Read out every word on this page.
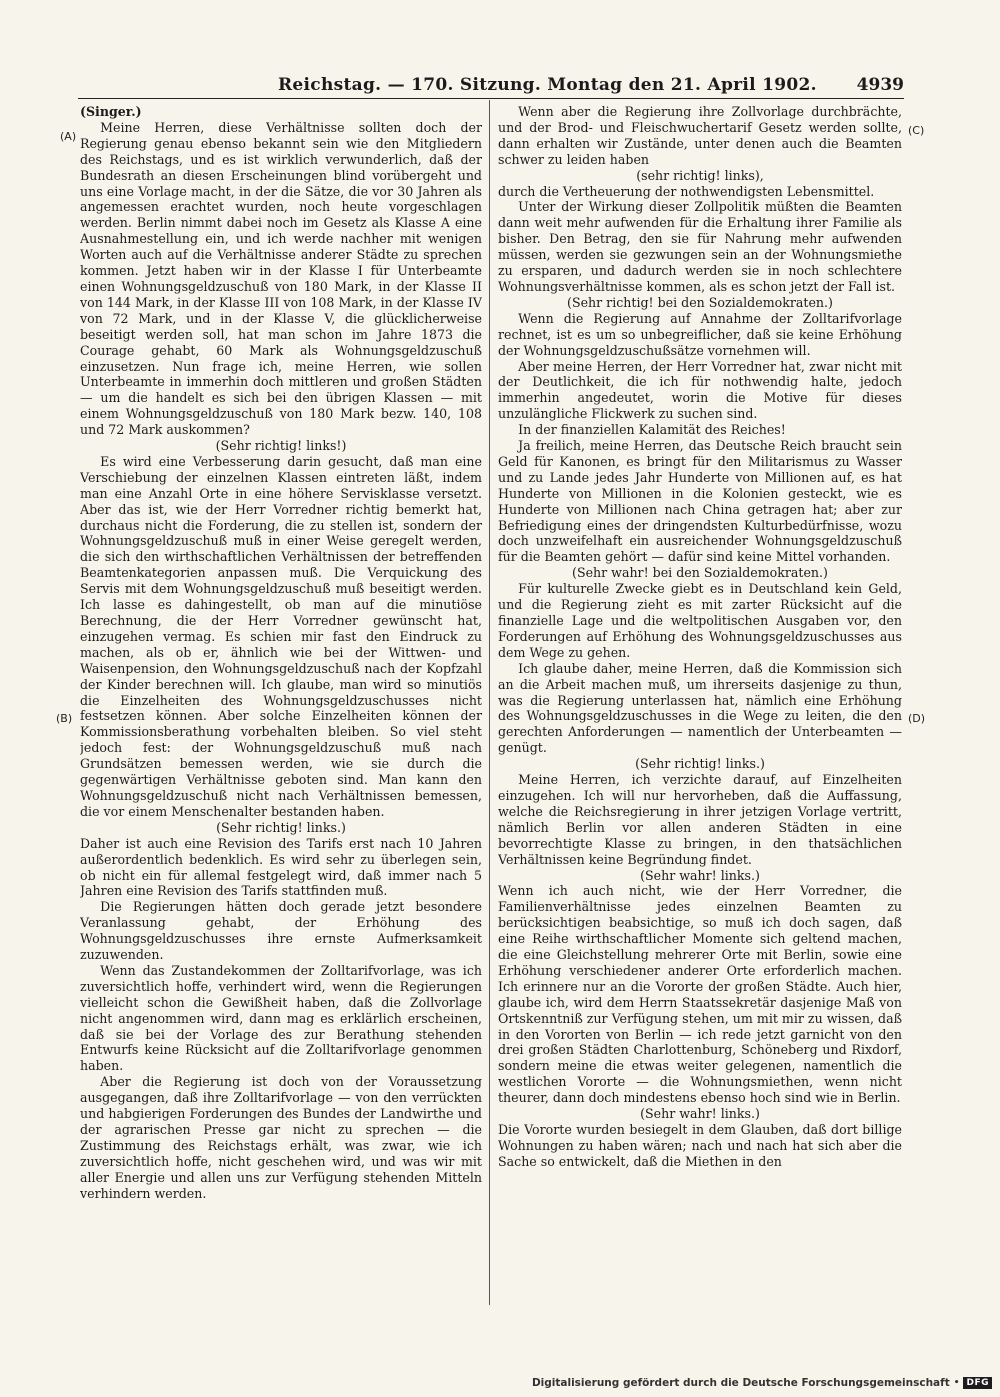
Reichstag. — 170. Sitzung. Montag den 21. April 1902. 4939
(A)
(B)
(C)
(D)

(Singer.)

Meine Herren, diese Verhältnisse sollten doch der Regierung genau ebenso bekannt sein wie den Mitgliedern des Reichstags, und es ist wirklich verwunderlich, daß der Bundesrath an diesen Erscheinungen blind vorübergeht und uns eine Vorlage macht, in der die Sätze, die vor 30 Jahren als angemessen erachtet wurden, noch heute vorgeschlagen werden. Berlin nimmt dabei noch im Gesetz als Klasse A eine Ausnahmestellung ein, und ich werde nachher mit wenigen Worten auch auf die Verhältnisse anderer Städte zu sprechen kommen. Jetzt haben wir in der Klasse I für Unterbeamte einen Wohnungsgeldzuschuß von 180 Mark, in der Klasse II von 144 Mark, in der Klasse III von 108 Mark, in der Klasse IV von 72 Mark, und in der Klasse V, die glücklicherweise beseitigt werden soll, hat man schon im Jahre 1873 die Courage gehabt, 60 Mark als Wohnungsgeldzuschuß einzusetzen. Nun frage ich, meine Herren, wie sollen Unterbeamte in immerhin doch mittleren und großen Städten — um die handelt es sich bei den übrigen Klassen — mit einem Wohnungsgeldzuschuß von 180 Mark bezw. 140, 108 und 72 Mark auskommen?

(Sehr richtig! links!)

Es wird eine Verbesserung darin gesucht, daß man eine Verschiebung der einzelnen Klassen eintreten läßt, indem man eine Anzahl Orte in eine höhere Servisklasse versetzt. Aber das ist, wie der Herr Vorredner richtig bemerkt hat, durchaus nicht die Forderung, die zu stellen ist, sondern der Wohnungsgeldzuschuß muß in einer Weise geregelt werden, die sich den wirthschaftlichen Verhältnissen der betreffenden Beamtenkategorien anpassen muß. Die Verquickung des Servis mit dem Wohnungsgeldzuschuß muß beseitigt werden. Ich lasse es dahingestellt, ob man auf die minutiöse Berechnung, die der Herr Vorredner gewünscht hat, einzugehen vermag. Es schien mir fast den Eindruck zu machen, als ob er, ähnlich wie bei der Wittwen- und Waisenpension, den Wohnungsgeldzuschuß nach der Kopfzahl der Kinder berechnen will. Ich glaube, man wird so minutiös die Einzelheiten des Wohnungsgeldzuschusses nicht festsetzen können. Aber solche Einzelheiten können der Kommissionsberathung vorbehalten bleiben. So viel steht jedoch fest: der Wohnungsgeldzuschuß muß nach Grundsätzen bemessen werden, wie sie durch die gegenwärtigen Verhältnisse geboten sind. Man kann den Wohnungsgeldzuschuß nicht nach Verhältnissen bemessen, die vor einem Menschenalter bestanden haben.

(Sehr richtig! links.)

Daher ist auch eine Revision des Tarifs erst nach 10 Jahren außerordentlich bedenklich. Es wird sehr zu überlegen sein, ob nicht ein für allemal festgelegt wird, daß immer nach 5 Jahren eine Revision des Tarifs stattfinden muß.

Die Regierungen hätten doch gerade jetzt besondere Veranlassung gehabt, der Erhöhung des Wohnungsgeldzuschusses ihre ernste Aufmerksamkeit zuzuwenden.

Wenn das Zustandekommen der Zolltarifvorlage, was ich zuversichtlich hoffe, verhindert wird, wenn die Regierungen vielleicht schon die Gewißheit haben, daß die Zollvorlage nicht angenommen wird, dann mag es erklärlich erscheinen, daß sie bei der Vorlage des zur Berathung stehenden Entwurfs keine Rücksicht auf die Zolltarifvorlage genommen haben.

Aber die Regierung ist doch von der Voraussetzung ausgegangen, daß ihre Zolltarifvorlage — von den verrückten und habgierigen Forderungen des Bundes der Landwirthe und der agrarischen Presse gar nicht zu sprechen — die Zustimmung des Reichstags erhält, was zwar, wie ich zuversichtlich hoffe, nicht geschehen wird, und was wir mit aller Energie und allen uns zur Verfügung stehenden Mitteln verhindern werden.

Wenn aber die Regierung ihre Zollvorlage durchbrächte, und der Brod- und Fleischwuchertarif Gesetz werden sollte, dann erhalten wir Zustände, unter denen auch die Beamten schwer zu leiden haben

(sehr richtig! links),

durch die Vertheuerung der nothwendigsten Lebensmittel.

Unter der Wirkung dieser Zollpolitik müßten die Beamten dann weit mehr aufwenden für die Erhaltung ihrer Familie als bisher. Den Betrag, den sie für Nahrung mehr aufwenden müssen, werden sie gezwungen sein an der Wohnungsmiethe zu ersparen, und dadurch werden sie in noch schlechtere Wohnungsverhältnisse kommen, als es schon jetzt der Fall ist.

(Sehr richtig! bei den Sozialdemokraten.)

Wenn die Regierung auf Annahme der Zolltarifvorlage rechnet, ist es um so unbegreiflicher, daß sie keine Erhöhung der Wohnungsgeldzuschußsätze vornehmen will.

Aber meine Herren, der Herr Vorredner hat, zwar nicht mit der Deutlichkeit, die ich für nothwendig halte, jedoch immerhin angedeutet, worin die Motive für dieses unzulängliche Flickwerk zu suchen sind.

In der finanziellen Kalamität des Reiches!

Ja freilich, meine Herren, das Deutsche Reich braucht sein Geld für Kanonen, es bringt für den Militarismus zu Wasser und zu Lande jedes Jahr Hunderte von Millionen auf, es hat Hunderte von Millionen in die Kolonien gesteckt, wie es Hunderte von Millionen nach China getragen hat; aber zur Befriedigung eines der dringendsten Kulturbedürfnisse, wozu doch unzweifelhaft ein ausreichender Wohnungsgeldzuschuß für die Beamten gehört — dafür sind keine Mittel vorhanden.

(Sehr wahr! bei den Sozialdemokraten.)

Für kulturelle Zwecke giebt es in Deutschland kein Geld, und die Regierung zieht es mit zarter Rücksicht auf die finanzielle Lage und die weltpolitischen Ausgaben vor, den Forderungen auf Erhöhung des Wohnungsgeldzuschusses aus dem Wege zu gehen.

Ich glaube daher, meine Herren, daß die Kommission sich an die Arbeit machen muß, um ihrerseits dasjenige zu thun, was die Regierung unterlassen hat, nämlich eine Erhöhung des Wohnungsgeldzuschusses in die Wege zu leiten, die den gerechten Anforderungen — namentlich der Unterbeamten — genügt.

(Sehr richtig! links.)

Meine Herren, ich verzichte darauf, auf Einzelheiten einzugehen. Ich will nur hervorheben, daß die Auffassung, welche die Reichsregierung in ihrer jetzigen Vorlage vertritt, nämlich Berlin vor allen anderen Städten in eine bevorrechtigte Klasse zu bringen, in den thatsächlichen Verhältnissen keine Begründung findet.

(Sehr wahr! links.)

Wenn ich auch nicht, wie der Herr Vorredner, die Familienverhältnisse jedes einzelnen Beamten zu berücksichtigen beabsichtige, so muß ich doch sagen, daß eine Reihe wirthschaftlicher Momente sich geltend machen, die eine Gleichstellung mehrerer Orte mit Berlin, sowie eine Erhöhung verschiedener anderer Orte erforderlich machen. Ich erinnere nur an die Vororte der großen Städte. Auch hier, glaube ich, wird dem Herrn Staatssekretär dasjenige Maß von Ortskenntniß zur Verfügung stehen, um mit mir zu wissen, daß in den Vororten von Berlin — ich rede jetzt garnicht von den drei großen Städten Charlottenburg, Schöneberg und Rixdorf, sondern meine die etwas weiter gelegenen, namentlich die westlichen Vororte — die Wohnungsmiethen, wenn nicht theurer, dann doch mindestens ebenso hoch sind wie in Berlin.

(Sehr wahr! links.)

Die Vororte wurden besiegelt in dem Glauben, daß dort billige Wohnungen zu haben wären; nach und nach hat sich aber die Sache so entwickelt, daß die Miethen in den

Digitalisierung gefördert durch die Deutsche Forschungsgemeinschaft • DFG
